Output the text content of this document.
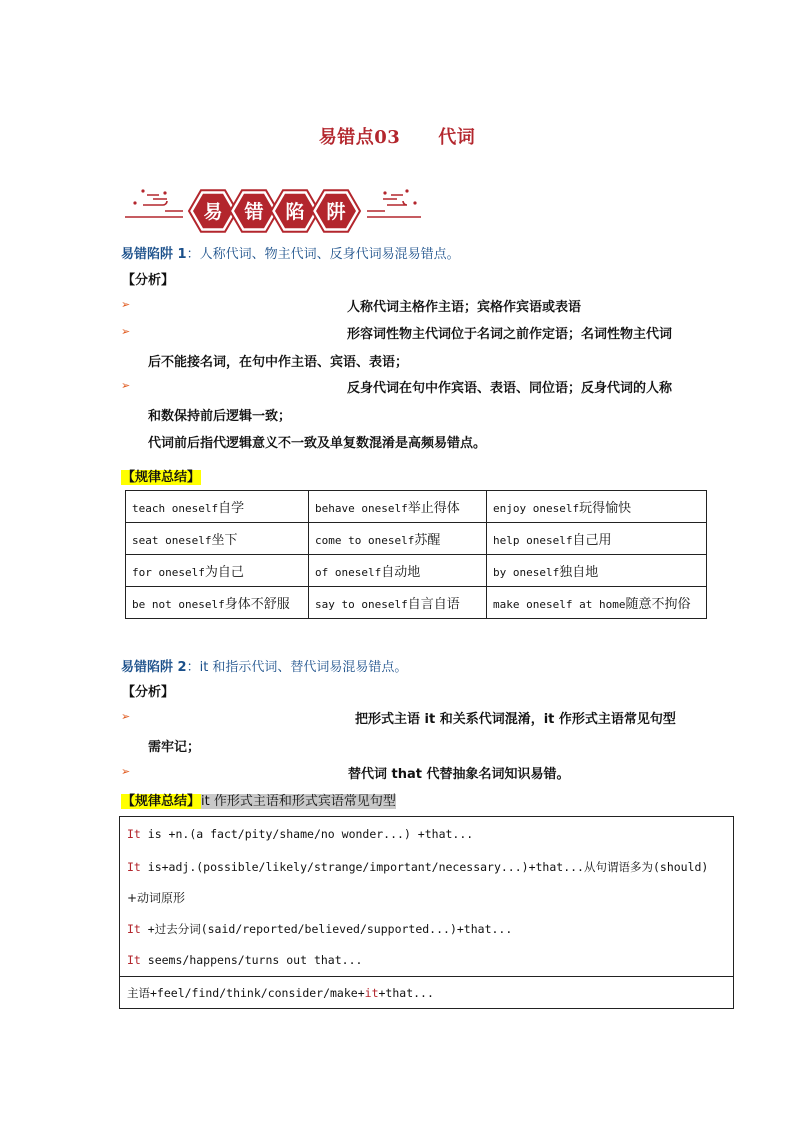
易错点03 代词
易 错 陷 阱
易错陷阱 1：人称代词、物主代词、反身代词易混易错点。
【分析】
➢	人称代词主格作主语；宾格作宾语或表语
➢	形容词性物主代词位于名词之前作定语；名词性物主代词
后不能接名词，在句中作主语、宾语、表语；
➢	反身代词在句中作宾语、表语、同位语；反身代词的人称
和数保持前后逻辑一致；
代词前后指代逻辑意义不一致及单复数混淆是高频易错点。
【规律总结】
teach oneself自学	behave oneself举止得体	enjoy oneself玩得愉快
seat oneself坐下	come to oneself苏醒	help oneself自己用
for oneself为自己	of oneself自动地	by oneself独自地
be not oneself身体不舒服	say to oneself自言自语	make oneself at home随意不拘俗
易错陷阱 2：it 和指示代词、替代词易混易错点。
【分析】
➢	把形式主语 it 和关系代词混淆，it 作形式主语常见句型
需牢记；
➢	替代词 that 代替抽象名词知识易错。
【规律总结】it 作形式主语和形式宾语常见句型
It is +n.(a fact/pity/shame/no wonder...) +that...
It is+adj.(possible/likely/strange/important/necessary...)+that...从句谓语多为(should)
+动词原形
It +过去分词(said/reported/believed/supported...)+that...
It seems/happens/turns out that...
主语+feel/find/think/consider/make+it+that...
